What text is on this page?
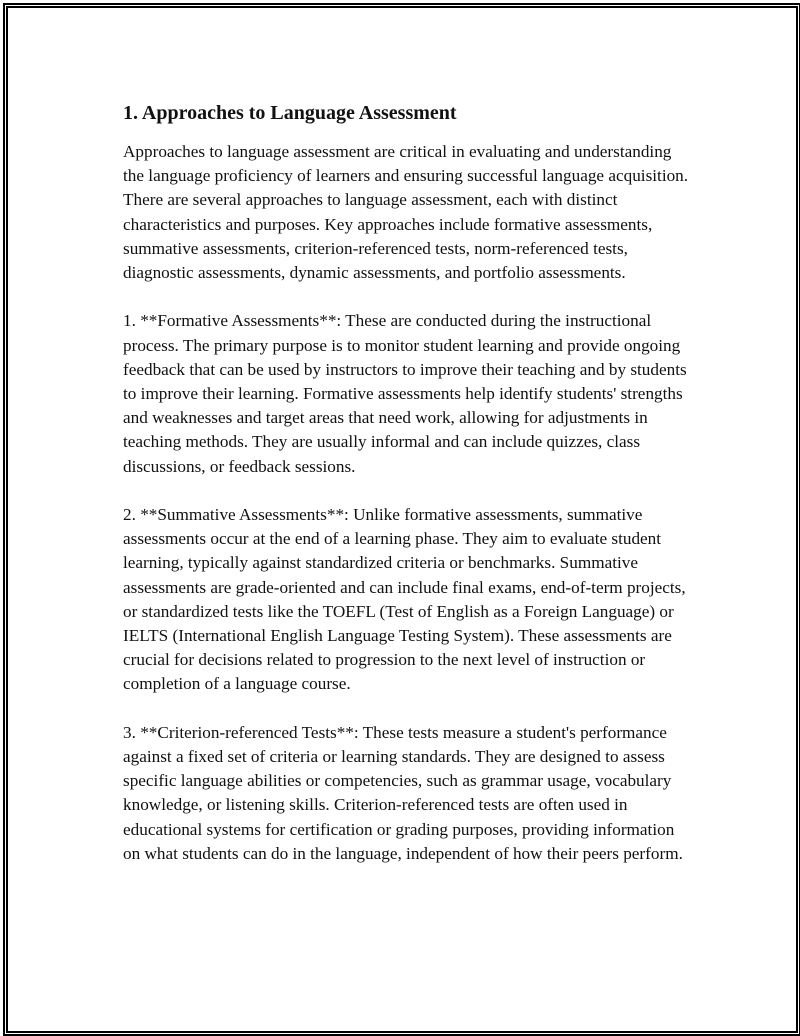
1. Approaches to Language Assessment

Approaches to language assessment are critical in evaluating and understanding the language proficiency of learners and ensuring successful language acquisition. There are several approaches to language assessment, each with distinct characteristics and purposes. Key approaches include formative assessments, summative assessments, criterion-referenced tests, norm-referenced tests, diagnostic assessments, dynamic assessments, and portfolio assessments.

1. **Formative Assessments**: These are conducted during the instructional process. The primary purpose is to monitor student learning and provide ongoing feedback that can be used by instructors to improve their teaching and by students to improve their learning. Formative assessments help identify students' strengths and weaknesses and target areas that need work, allowing for adjustments in teaching methods. They are usually informal and can include quizzes, class discussions, or feedback sessions.

2. **Summative Assessments**: Unlike formative assessments, summative assessments occur at the end of a learning phase. They aim to evaluate student learning, typically against standardized criteria or benchmarks. Summative assessments are grade-oriented and can include final exams, end-of-term projects, or standardized tests like the TOEFL (Test of English as a Foreign Language) or IELTS (International English Language Testing System). These assessments are crucial for decisions related to progression to the next level of instruction or completion of a language course.

3. **Criterion-referenced Tests**: These tests measure a student's performance against a fixed set of criteria or learning standards. They are designed to assess specific language abilities or competencies, such as grammar usage, vocabulary knowledge, or listening skills. Criterion-referenced tests are often used in educational systems for certification or grading purposes, providing information on what students can do in the language, independent of how their peers perform.
